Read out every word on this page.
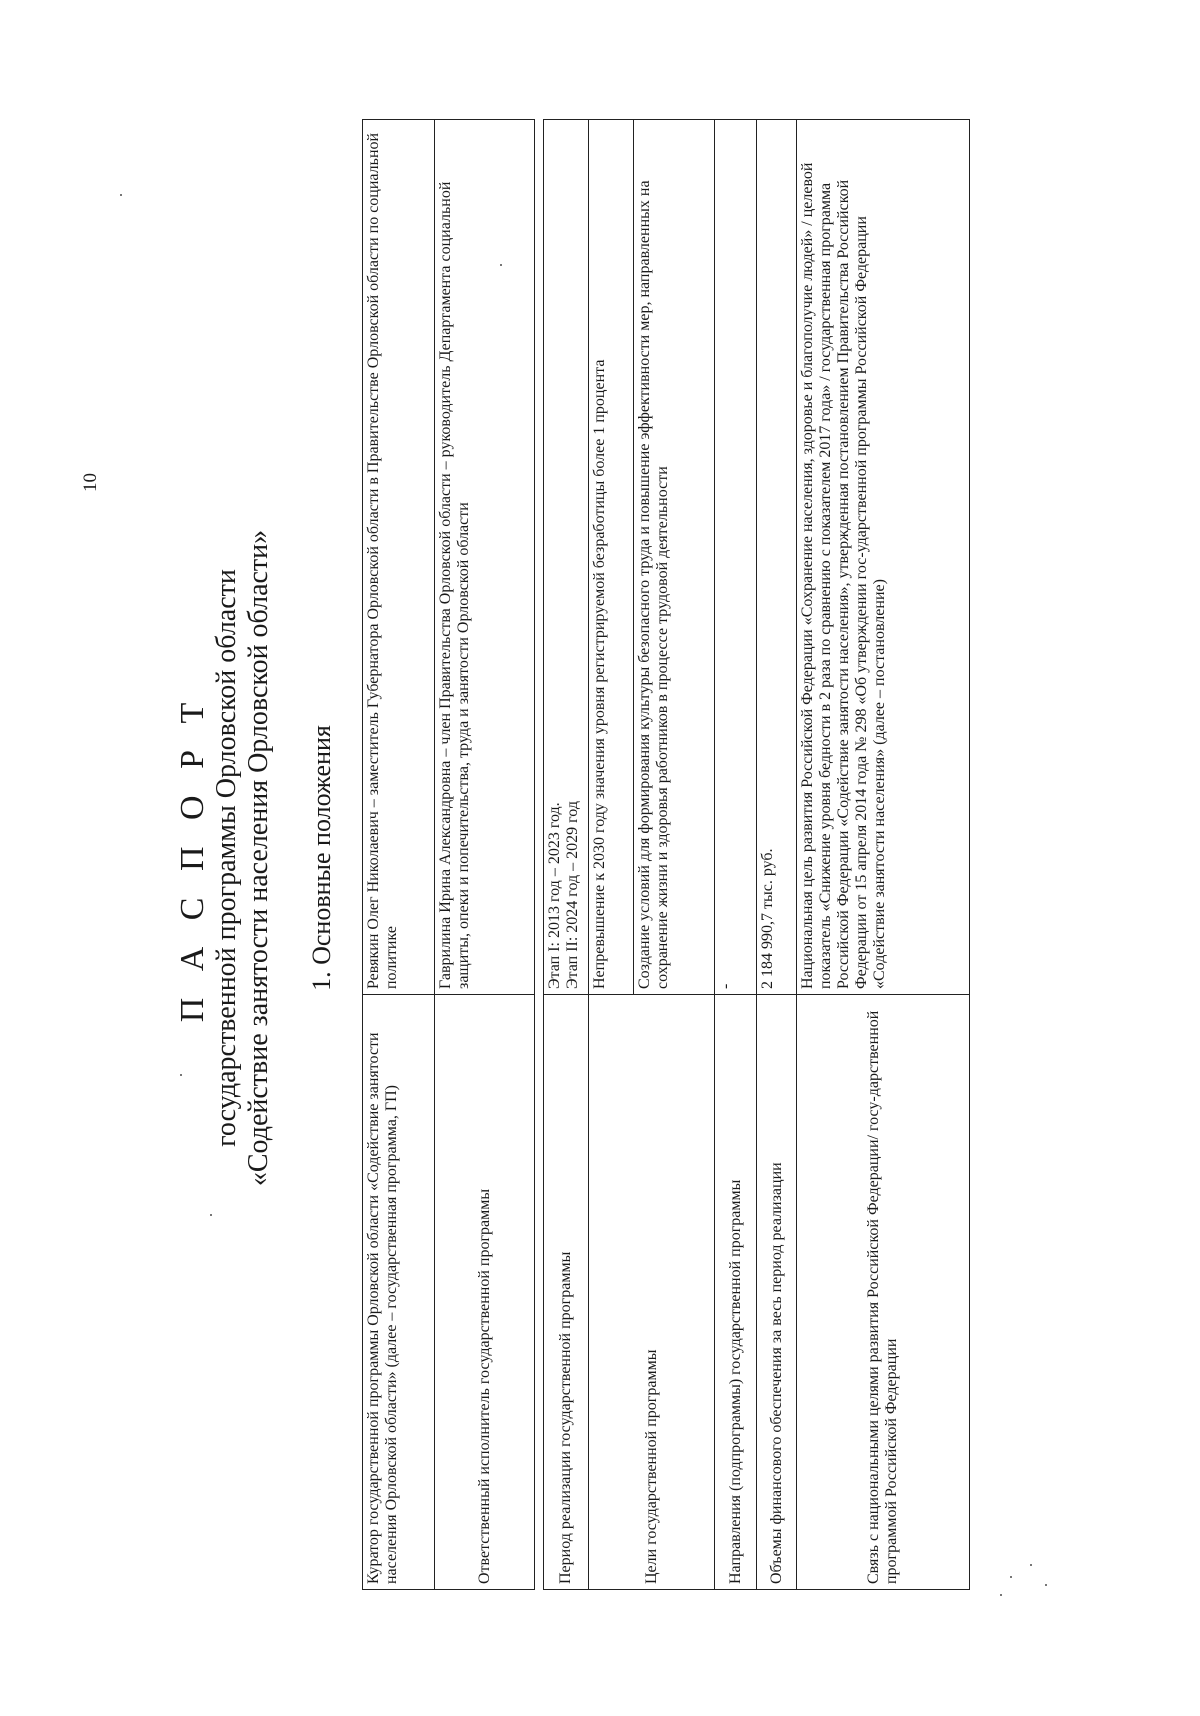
10
П А С П О Р Т государственной программы Орловской области «Содействие занятости населения Орловской области» 1. Основные положения
Куратор государственной программы Орловской области «Содействие занятости населения Орловской области» (далее – государственная программа, ГП)	Ревякин Олег Николаевич – заместитель Губернатора Орловской области в Правительстве Орловской области по социальной политике
Ответственный исполнитель государственной программы	Гаврилина Ирина Александровна – член Правительства Орловской области – руководитель Департамента социальной защиты, опеки и попечительства, труда и занятости Орловской области
Период реализации государственной программы	Этап I: 2013 год – 2023 год. Этап II: 2024 год – 2029 год

Цели государственной программы	Непревышение к 2030 году значения уровня регистрируемой безработицы более 1 процента
	Создание условий для формирования культуры безопасного труда и повышение эффективности мер, направленных на сохранение жизни и здоровья работников в процессе трудовой деятельности
Направления (подпрограммы) государственной программы	-
Объемы финансового обеспечения за весь период реализации	2 184 990,7 тыс. руб.
Связь с национальными целями развития Российской Федерации/ госу-дарственной программой Российской Федерации	Национальная цель развития Российской Федерации «Сохранение населения, здоровье и благополучие людей» / целевой показатель «Снижение уровня бедности в 2 раза по сравнению с показателем 2017 года» / государственная программа Российской Федерации «Содействие занятости населения», утвержденная постановлением Правительства Российской Федерации от 15 апреля 2014 года № 298 «Об утверждении гос-ударственной программы Российской Федерации «Содействие занятости населения» (далее – постановление)
